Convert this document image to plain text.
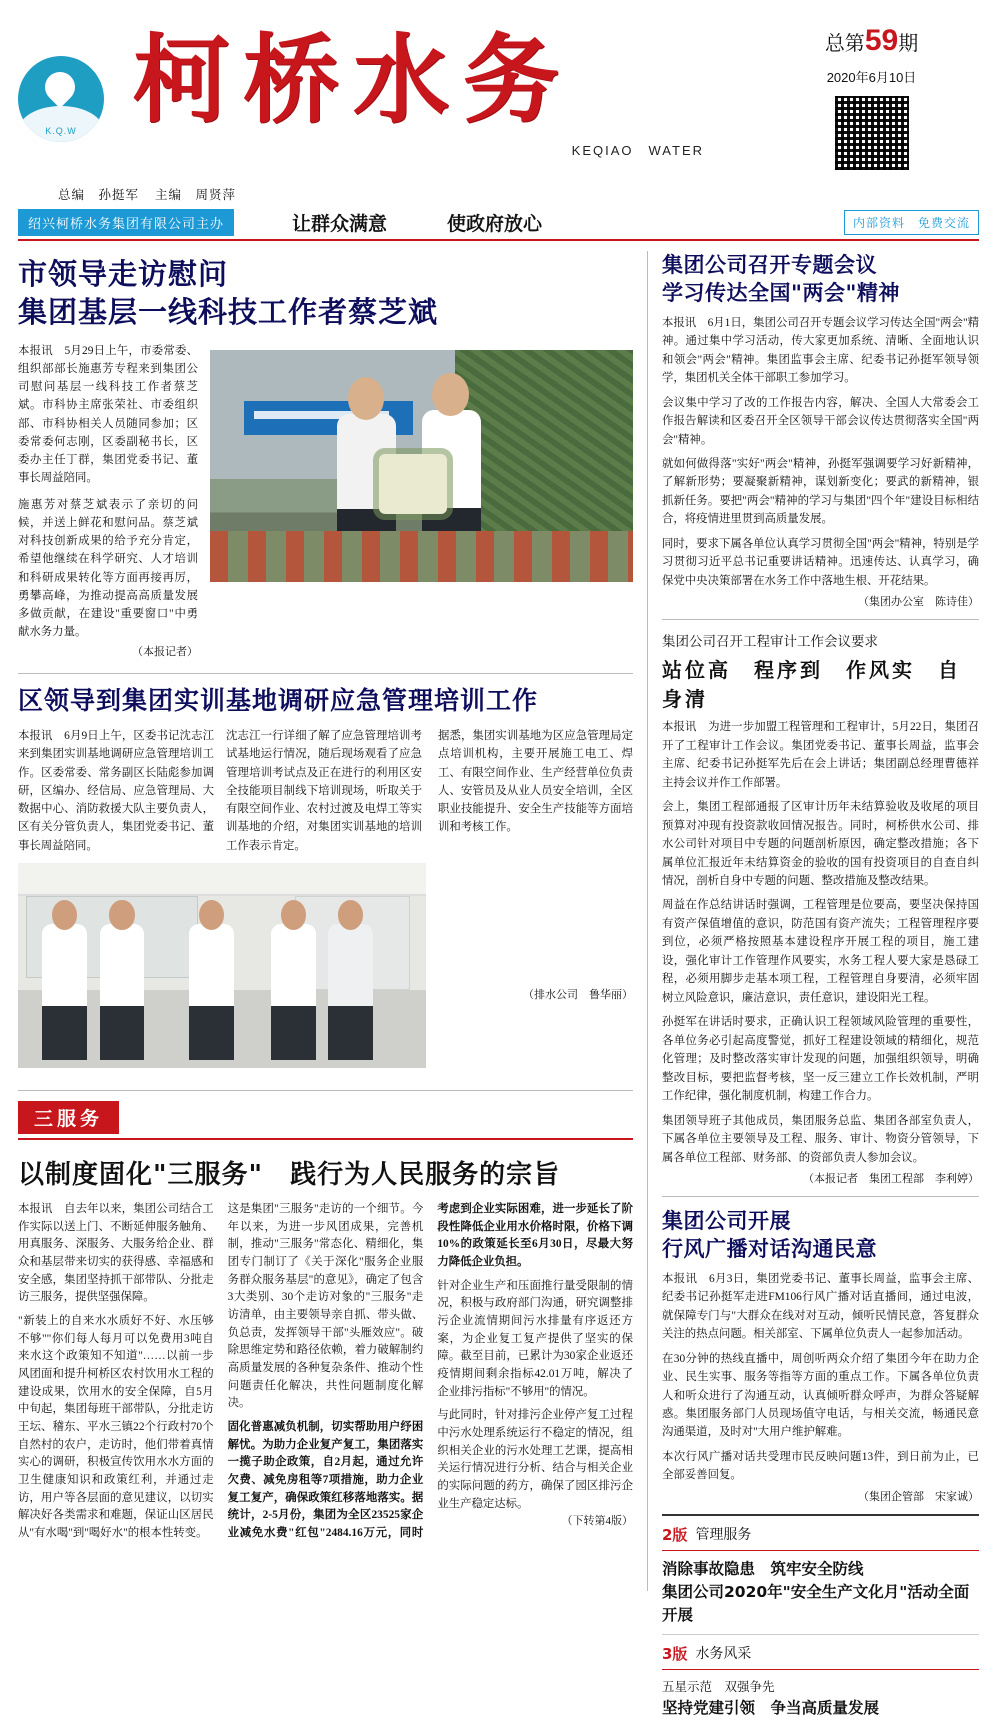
K.Q.W 柯桥水务
KEQIAO　WATER
总第59期
2020年6月10日
总编　孙挺军 主编　周贤萍
绍兴柯桥水务集团有限公司主办	让群众满意	使政府放心	内部资料　免费交流
市领导走访慰问
集团基层一线科技工作者蔡芝斌

本报讯　5月29日上午，市委常委、组织部部长施惠芳专程来到集团公司慰问基层一线科技工作者蔡芝斌。市科协主席张荣社、市委组织部、市科协相关人员随同参加；区委常委何志刚，区委副秘书长，区委办主任丁群，集团党委书记、董事长周益陪同。

施惠芳对蔡芝斌表示了亲切的问候，并送上鲜花和慰问品。蔡芝斌对科技创新成果的给予充分肯定，希望他继续在科学研究、人才培训和科研成果转化等方面再接再厉，勇攀高峰，为推动提高高质量发展多做贡献，在建设"重要窗口"中勇献水务力量。

（本报记者）
区领导到集团实训基地调研应急管理培训工作

本报讯　6月9日上午，区委书记沈志江来到集团实训基地调研应急管理培训工作。区委常委、常务副区长陆彪参加调研，区编办、经信局、应急管理局、大数据中心、消防救援大队主要负责人，区有关分管负责人，集团党委书记、董事长周益陪同。

沈志江一行详细了解了应急管理培训考试基地运行情况，随后现场观看了应急管理培训考试点及正在进行的利用区安全技能项目制线下培训现场，听取关于有限空间作业、农村过渡及电焊工等实训基地的介绍，对集团实训基地的培训工作表示肯定。

据悉，集团实训基地为区应急管理局定点培训机构，主要开展施工电工、焊工、有限空间作业、生产经营单位负责人、安管员及从业人员安全培训，全区职业技能提升、安全生产技能等方面培训和考核工作。

（排水公司　鲁华丽）
三服务
以制度固化"三服务"　践行为人民服务的宗旨

本报讯　自去年以来，集团公司结合工作实际以送上门、不断延伸服务触角、用真服务、深服务、大服务给企业、群众和基层带来切实的获得感、幸福感和安全感，集团坚持抓干部带队、分批走访三服务，提供坚强保障。

"新装上的自来水水质好不好、水压够不够""你们每人每月可以免费用3吨自来水这个政策知不知道"……以前一步风团面和提升柯桥区农村饮用水工程的建设成果，饮用水的安全保障，自5月中旬起，集团每班干部带队，分批走访王坛、稽东、平水三镇22个行政村70个自然村的农户，走访时，他们带着真情实心的调研，积极宣传饮用水水方面的卫生健康知识和政策红利，并通过走访，用户等各层面的意见建议，以切实解决好各类需求和难题，保证山区居民从"有水喝"到"喝好水"的根本性转变。

这是集团"三服务"走访的一个细节。今年以来，为进一步风团成果，完善机制，推动"三服务"常态化、精细化，集团专门制订了《关于深化"服务企业服务群众服务基层"的意见》，确定了包含3大类别、30个走访对象的"三服务"走访清单，由主要领导亲自抓、带头做、负总责，发挥领导干部"头雁效应"。破除思维定势和路径依赖，着力破解制约高质量发展的各种复杂条件、推动个性问题责任化解决，共性问题制度化解决。

固化普惠减负机制，切实帮助用户纾困解忧。为助力企业复产复工，集团落实一揽子助企政策，自2月起，通过允许欠费、减免房租等7项措施，助力企业复工复产，确保政策红移落地落实。据统计，2-5月份，集团为全区23525家企业减免水费"红包"2484.16万元，同时考虑到企业实际困难，进一步延长了阶段性降低企业用水价格时限，价格下调10%的政策延长至6月30日，尽最大努力降低企业负担。

针对企业生产和压面推行量受限制的情况，积极与政府部门沟通，研究调整排污企业流情期间污水排量有序返还方案，为企业复工复产提供了坚实的保障。截至目前，已累计为30家企业返还疫情期间剩余指标42.01万吨，解决了企业排污指标"不够用"的情况。

与此同时，针对排污企业停产复工过程中污水处理系统运行不稳定的情况，组织相关企业的污水处理工艺课，提高相关运行情况进行分析、结合与相关企业的实际问题的药方，确保了园区排污企业生产稳定达标。

（下转第4版）
集团公司召开专题会议
学习传达全国"两会"精神

本报讯　6月1日，集团公司召开专题会议学习传达全国"两会"精神。通过集中学习活动，传大家更加系统、清晰、全面地认识和领会"两会"精神。集团监事会主席、纪委书记孙挺军领导领学，集团机关全体干部职工参加学习。

会议集中学习了改的工作报告内容，解决、全国人大常委会工作报告解读和区委召开全区领导干部会议传达贯彻落实全国"两会"精神。

就如何做得落"实好"两会"精神，孙挺军强调要学习好新精神，了解新形势；要凝聚新精神，谋划新变化；要武的新精神，银抓新任务。要把"两会"精神的学习与集团"四个年"建设目标相结合，将疫情进里贯到高质量发展。

同时，要求下属各单位认真学习贯彻全国"两会"精神，特别是学习贯彻习近平总书记重要讲话精神。迅速传达、认真学习，确保党中央决策部署在水务工作中落地生根、开花结果。

（集团办公室　陈诗佳）
集团公司召开工程审计工作会议要求
站位高　程序到　作风实　自身清

本报讯　为进一步加盟工程管理和工程审计，5月22日，集团召开了工程审计工作会议。集团党委书记、董事长周益，监事会主席、纪委书记孙挺军先后在会上讲话；集团副总经理曹德祥主持会议并作工作部署。

会上，集团工程部通报了区审计历年未结算验收及收尾的项目预算对冲现有投资款收回情况报告。同时，柯桥供水公司、排水公司针对项目中专题的问题剖析原因，确定整改措施；各下属单位汇报近年未结算资金的验收的国有投资项目的自查自纠情况，剖析自身中专题的问题、整改措施及整改结果。

周益在作总结讲话时强调，工程管理是位要高，要坚决保持国有资产保值增值的意识，防范国有资产流失；工程管理程序要到位，必须严格按照基本建设程序开展工程的项目，施工建设，强化审计工作管理作风要实，水务工程人要大家是恳碌工程，必须用脚步走基本项工程，工程管理自身要清，必须牢固树立风险意识，廉洁意识，责任意识，建设阳光工程。

孙挺军在讲话时要求，正确认识工程领域风险管理的重要性，各单位务必引起高度警觉，抓好工程建设领域的精细化，规范化管理；及时整改落实审计发现的问题，加强组织领导，明确整改目标，要把监督考核，坚一反三建立工作长效机制，严明工作纪律，强化制度机制，构建工作合力。

集团领导班子其他成员，集团服务总监、集团各部室负责人，下属各单位主要领导及工程、服务、审计、物资分管领导，下属各单位工程部、财务部、的资部负责人参加会议。

（本报记者　集团工程部　李利婷）
集团公司开展
行风广播对话沟通民意

本报讯　6月3日，集团党委书记、董事长周益，监事会主席、纪委书记孙挺军走进FM106行风广播对话直播间，通过电波，就保障专门与"大群众在线对对互动，倾听民情民意，答复群众关注的热点问题。相关部室、下属单位负责人一起参加活动。

在30分钟的热线直播中，周创听两众介绍了集团今年在助力企业、民生实事、服务等指等方面的重点工作。下属各单位负责人和听众进行了沟通互动，认真倾听群众呼声，为群众答疑解惑。集团服务部门人员现场值守电话，与相关交流，畅通民意沟通渠道，及时对"大用户维护解难。

本次行风广播对话共受理市民反映问题13件，到日前为止，已全部妥善回复。

（集团企管部　宋家诚）
2版 管理服务
消除事故隐患　筑牢安全防线
集团公司2020年"安全生产文化月"活动全面开展
3版 水务风采
五星示范　双强争先
坚持党建引领　争当高质量发展
